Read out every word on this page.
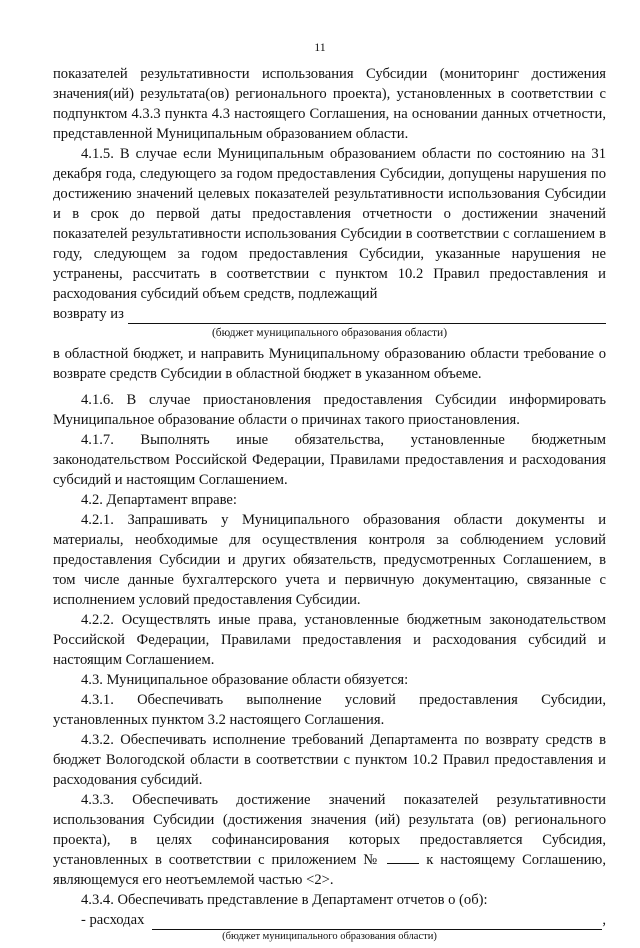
11

показателей результативности использования Субсидии (мониторинг достижения значения(ий) результата(ов) регионального проекта), установленных в соответствии с подпунктом 4.3.3 пункта 4.3 настоящего Соглашения, на основании данных отчетности, представленной Муниципальным образованием области.

4.1.5. В случае если Муниципальным образованием области по состоянию на 31 декабря года, следующего за годом предоставления Субсидии, допущены нарушения по достижению значений целевых показателей результативности использования Субсидии и в срок до первой даты предоставления отчетности о достижении значений показателей результативности использования Субсидии в соответствии с соглашением в году, следующем за годом предоставления Субсидии, указанные нарушения не устранены, рассчитать в соответствии с пунктом 10.2 Правил предоставления и расходования субсидий объем средств, подлежащий

возврату из
(бюджет муниципального образования области)

в областной бюджет, и направить Муниципальному образованию области требование о возврате средств Субсидии в областной бюджет в указанном объеме.

4.1.6. В случае приостановления предоставления Субсидии информировать Муниципальное образование области о причинах такого приостановления.

4.1.7. Выполнять иные обязательства, установленные бюджетным законодательством Российской Федерации, Правилами предоставления и расходования субсидий и настоящим Соглашением.

4.2. Департамент вправе:

4.2.1. Запрашивать у Муниципального образования области документы и материалы, необходимые для осуществления контроля за соблюдением условий предоставления Субсидии и других обязательств, предусмотренных Соглашением, в том числе данные бухгалтерского учета и первичную документацию, связанные с исполнением условий предоставления Субсидии.

4.2.2. Осуществлять иные права, установленные бюджетным законодательством Российской Федерации, Правилами предоставления и расходования субсидий и настоящим Соглашением.

4.3. Муниципальное образование области обязуется:

4.3.1. Обеспечивать выполнение условий предоставления Субсидии, установленных пунктом 3.2 настоящего Соглашения.

4.3.2. Обеспечивать исполнение требований Департамента по возврату средств в бюджет Вологодской области в соответствии с пунктом 10.2 Правил предоставления и расходования субсидий.

4.3.3. Обеспечивать достижение значений показателей результативности использования Субсидии (достижения значения (ий) результата (ов) регионального проекта), в целях софинансирования которых предоставляется Субсидия, установленных в соответствии с приложением №	к настоящему Соглашению, являющемуся его неотъемлемой частью <2>.

4.3.4. Обеспечивать представление в Департамент отчетов о (об):

- расходах	,
(бюджет муниципального образования области)
